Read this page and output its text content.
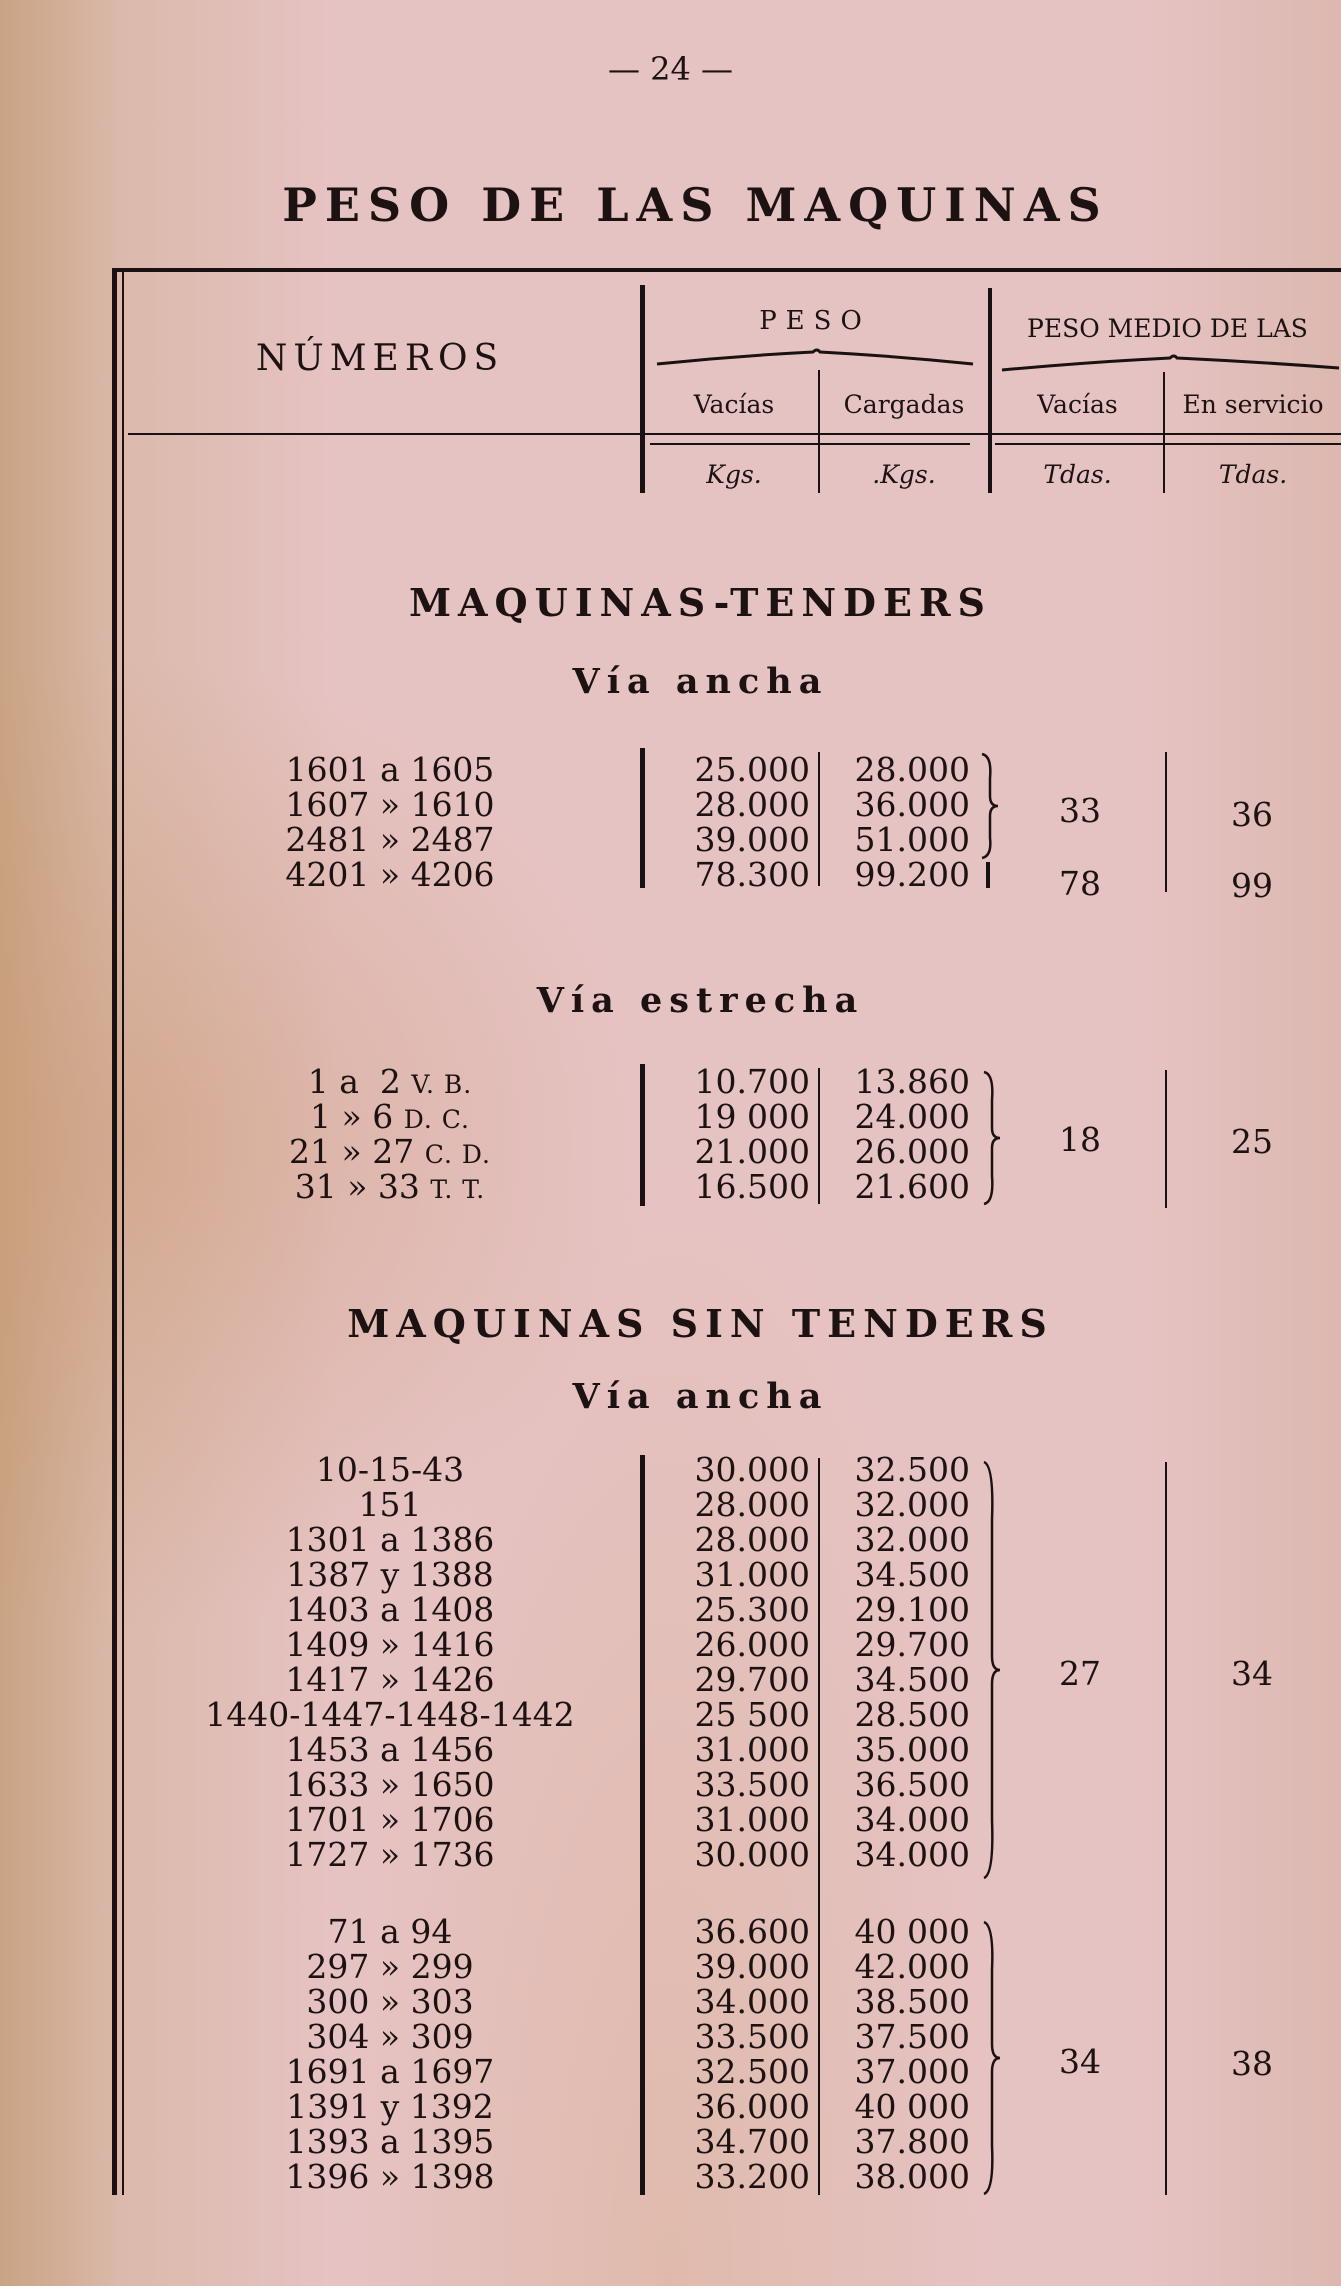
— 24 —
PESO DE LAS MAQUINAS
NÚMEROS
PESO	PESO MEDIO DE LAS
Vacías	Cargadas	Vacías	En servicio
Kgs.	.Kgs.	Tdas.	Tdas.
MAQUINAS-TENDERS
Vía ancha
1601 a 1605	25.000	28.000
1607 » 1610	28.000	36.000
2481 » 2487	39.000	51.000
4201 » 4206	78.300	99.200
33	36
78	99
Vía estrecha
1 a  2 V. B.	10.700	13.860
1 » 6 D. C.	19 000	24.000
21 » 27 C. D.	21.000	26.000
31 » 33 T. T.	16.500	21.600
18	25
MAQUINAS SIN TENDERS
Vía ancha
10-15-43	30.000	32.500
151	28.000	32.000
1301 a 1386	28.000	32.000
1387 y 1388	31.000	34.500
1403 a 1408	25.300	29.100
1409 » 1416	26.000	29.700
1417 » 1426	29.700	34.500
1440-1447-1448-1442	25 500	28.500
1453 a 1456	31.000	35.000
1633 » 1650	33.500	36.500
1701 » 1706	31.000	34.000
1727 » 1736	30.000	34.000
27	34
71 a 94	36.600	40 000
297 » 299	39.000	42.000
300 » 303	34.000	38.500
304 » 309	33.500	37.500
1691 a 1697	32.500	37.000
1391 y 1392	36.000	40 000
1393 a 1395	34.700	37.800
1396 » 1398	33.200	38.000
34	38
